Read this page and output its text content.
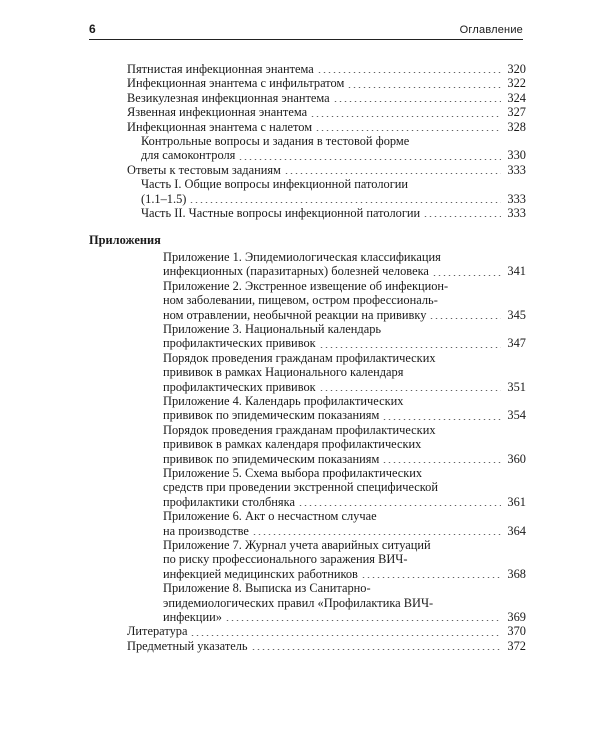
6	Оглавление
Пятнистая инфекционная энантема	320
Инфекционная энантема с инфильтратом	322
Везикулезная инфекционная энантема	324
Язвенная инфекционная энантема	327
Инфекционная энантема с налетом	328
Контрольные вопросы и задания в тестовой форме
для самоконтроля	330
Ответы к тестовым заданиям	333
Часть I. Общие вопросы инфекционной патологии
(1.1–1.5)	333
Часть II. Частные вопросы инфекционной патологии	333
Приложения
Приложение 1. Эпидемиологическая классификация
инфекционных (паразитарных) болезней человека	341
Приложение 2. Экстренное извещение об инфекцион-
ном заболевании, пищевом, остром профессиональ-
ном отравлении, необычной реакции на прививку	345
Приложение 3. Национальный календарь
профилактических прививок	347
Порядок проведения гражданам профилактических
прививок в рамках Национального календаря
профилактических прививок	351
Приложение 4. Календарь профилактических
прививок по эпидемическим показаниям	354
Порядок проведения гражданам профилактических
прививок в рамках календаря профилактических
прививок по эпидемическим показаниям	360
Приложение 5. Схема выбора профилактических
средств при проведении экстренной специфической
профилактики столбняка	361
Приложение 6. Акт о несчастном случае
на производстве	364
Приложение 7. Журнал учета аварийных ситуаций
по риску профессионального заражения ВИЧ-
инфекцией медицинских работников	368
Приложение 8. Выписка из Санитарно-
эпидемиологических правил «Профилактика ВИЧ-
инфекции»	369
Литература	370
Предметный указатель	372
